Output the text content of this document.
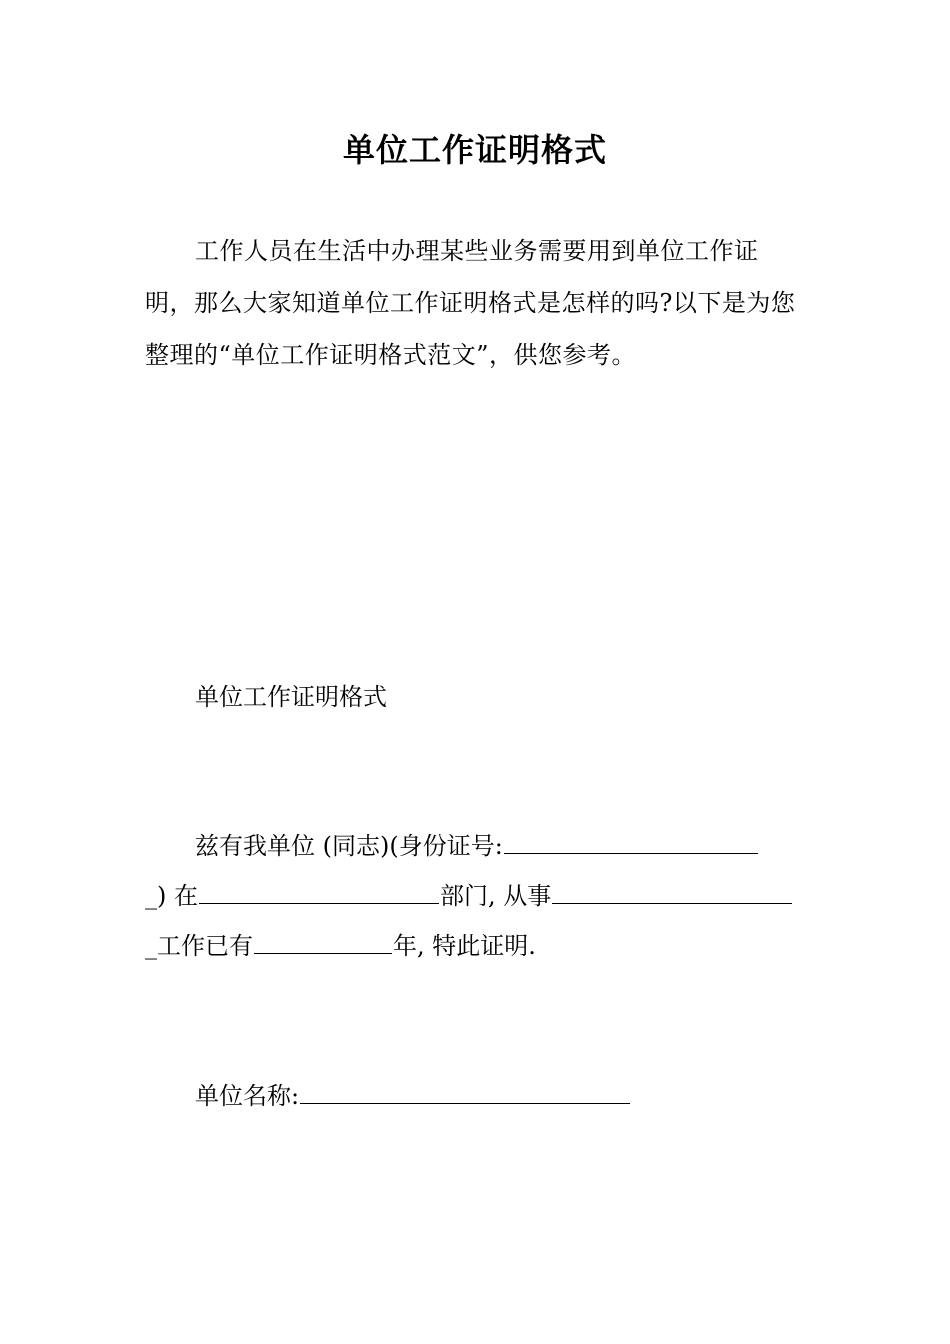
单位工作证明格式

工作人员在生活中办理某些业务需要用到单位工作证明，那么大家知道单位工作证明格式是怎样的吗?以下是为您整理的“单位工作证明格式范文”，供您参考。

单位工作证明格式

兹有我单位 (同志)(身份证号:
_) 在	部门, 从事
_工作已有	年, 特此证明.
单位名称:
